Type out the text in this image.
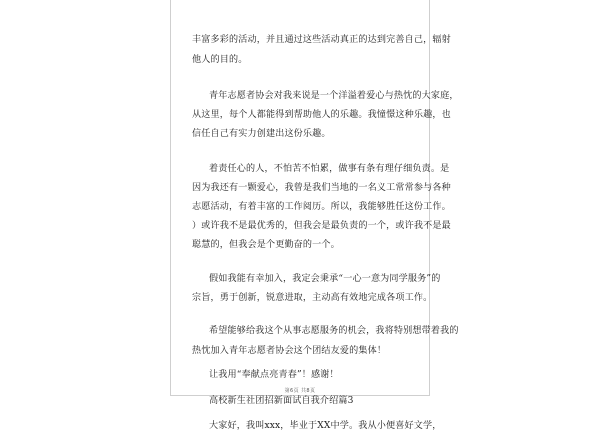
丰富多彩的活动，并且通过这些活动真正的达到完善自己，辐射
他人的目的。
青年志愿者协会对我来说是一个洋溢着爱心与热忱的大家庭，
从这里，每个人都能得到帮助他人的乐趣。我憧憬这种乐趣，也
信任自己有实力创建出这份乐趣。
着责任心的人，不怕苦不怕累，做事有条有理仔细负责。是
因为我还有一颗爱心，我曾是我们当地的一名义工常常参与各种
志愿活动，有着丰富的工作阅历。所以，我能够胜任这份工作。
）或许我不是最优秀的，但我会是最负责的一个，或许我不是最
聪慧的，但我会是个更勤奋的一个。
假如我能有幸加入，我定会秉承“一心一意为同学服务”的
宗旨，勇于创新，锐意进取，主动高有效地完成各项工作。
希望能够给我这个从事志愿服务的机会，我将特别想带着我的
热忱加入青年志愿者协会这个团结友爱的集体！
让我用“奉献点亮青春”！感谢！
高校新生社团招新面试自我介绍篇3
大家好，我叫xxx，毕业于XX中学。我从小便喜好文学，
第6页 共8页
